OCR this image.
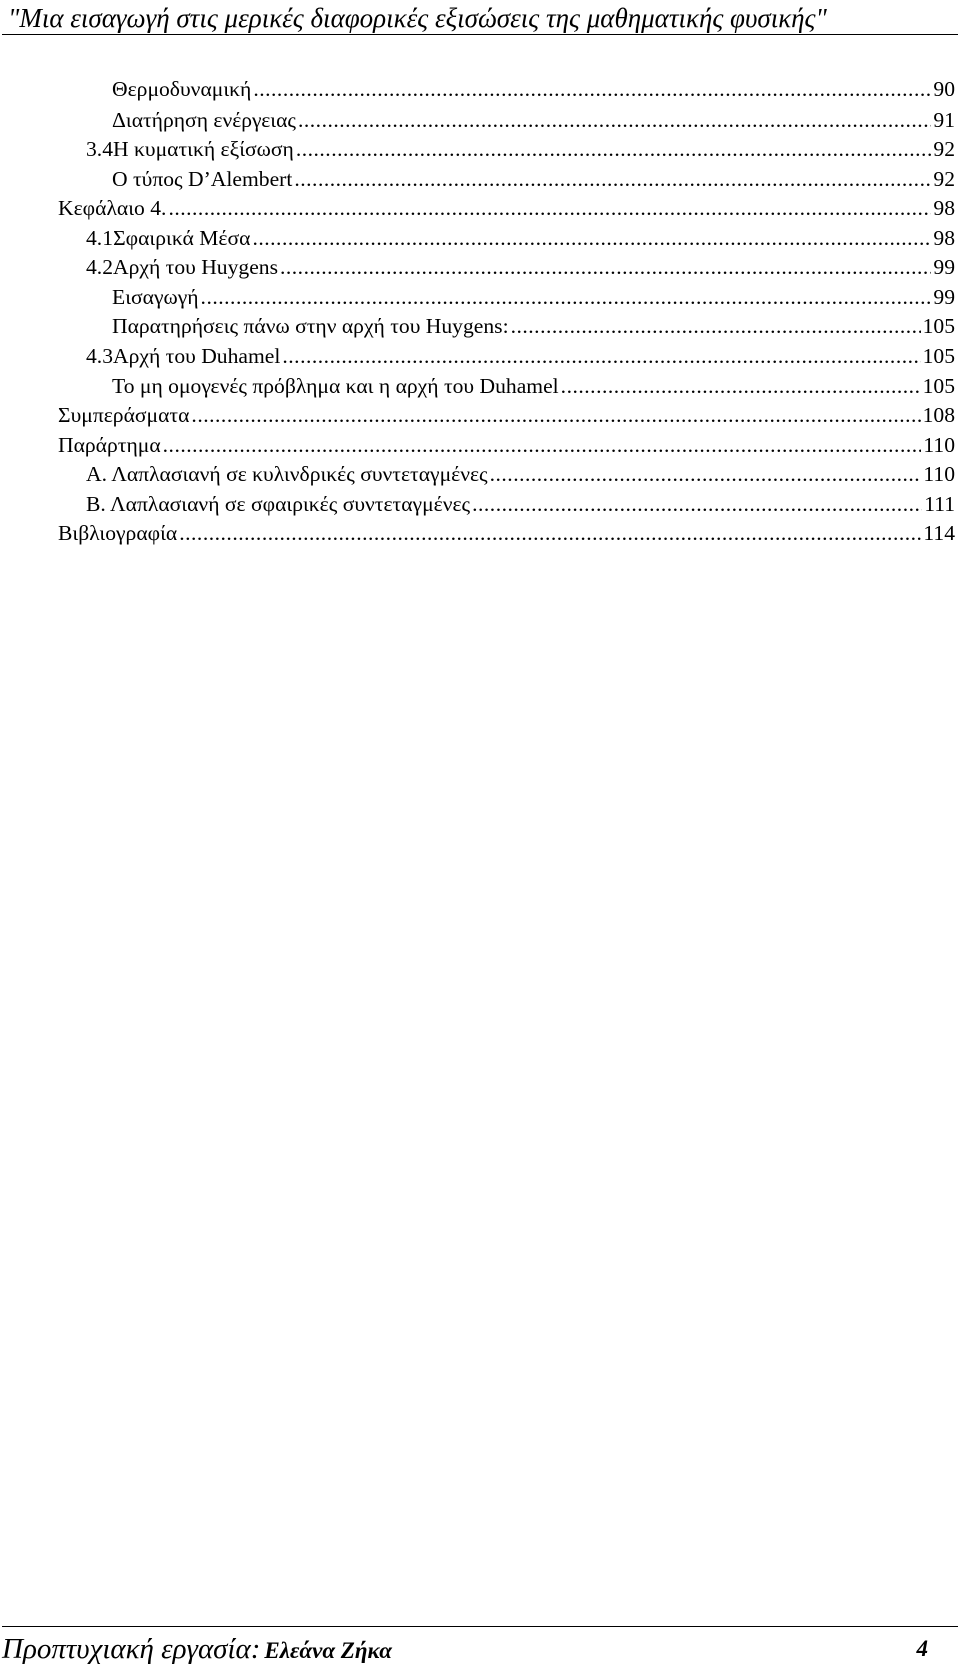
"Μια εισαγωγή στις μερικές διαφορικές εξισώσεις της μαθηματικής φυσικής"
Θερμοδυναμική .....	90
Διατήρηση ενέργειας .....	91
3.4 Η κυματική εξίσωση .....	92
Ο τύπος D’Alembert .....	92
Κεφάλαιο 4. .....	98
4.1 Σφαιρικά Μέσα .....	98
4.2 Αρχή του Huygens .....	99
Εισαγωγή .....	99
Παρατηρήσεις πάνω στην αρχή του Huygens: .....	105
4.3 Αρχή του Duhamel .....	105
Το μη ομογενές πρόβλημα και η αρχή του Duhamel .....	105
Συμπεράσματα .....	108
Παράρτημα .....	110
Α. Λαπλασιανή σε κυλινδρικές συντεταγμένες .....	110
Β. Λαπλασιανή σε σφαιρικές συντεταγμένες .....	111
Βιβλιογραφία .....	114
Προπτυχιακή εργασία: Ελεάνα Ζήκα	4
